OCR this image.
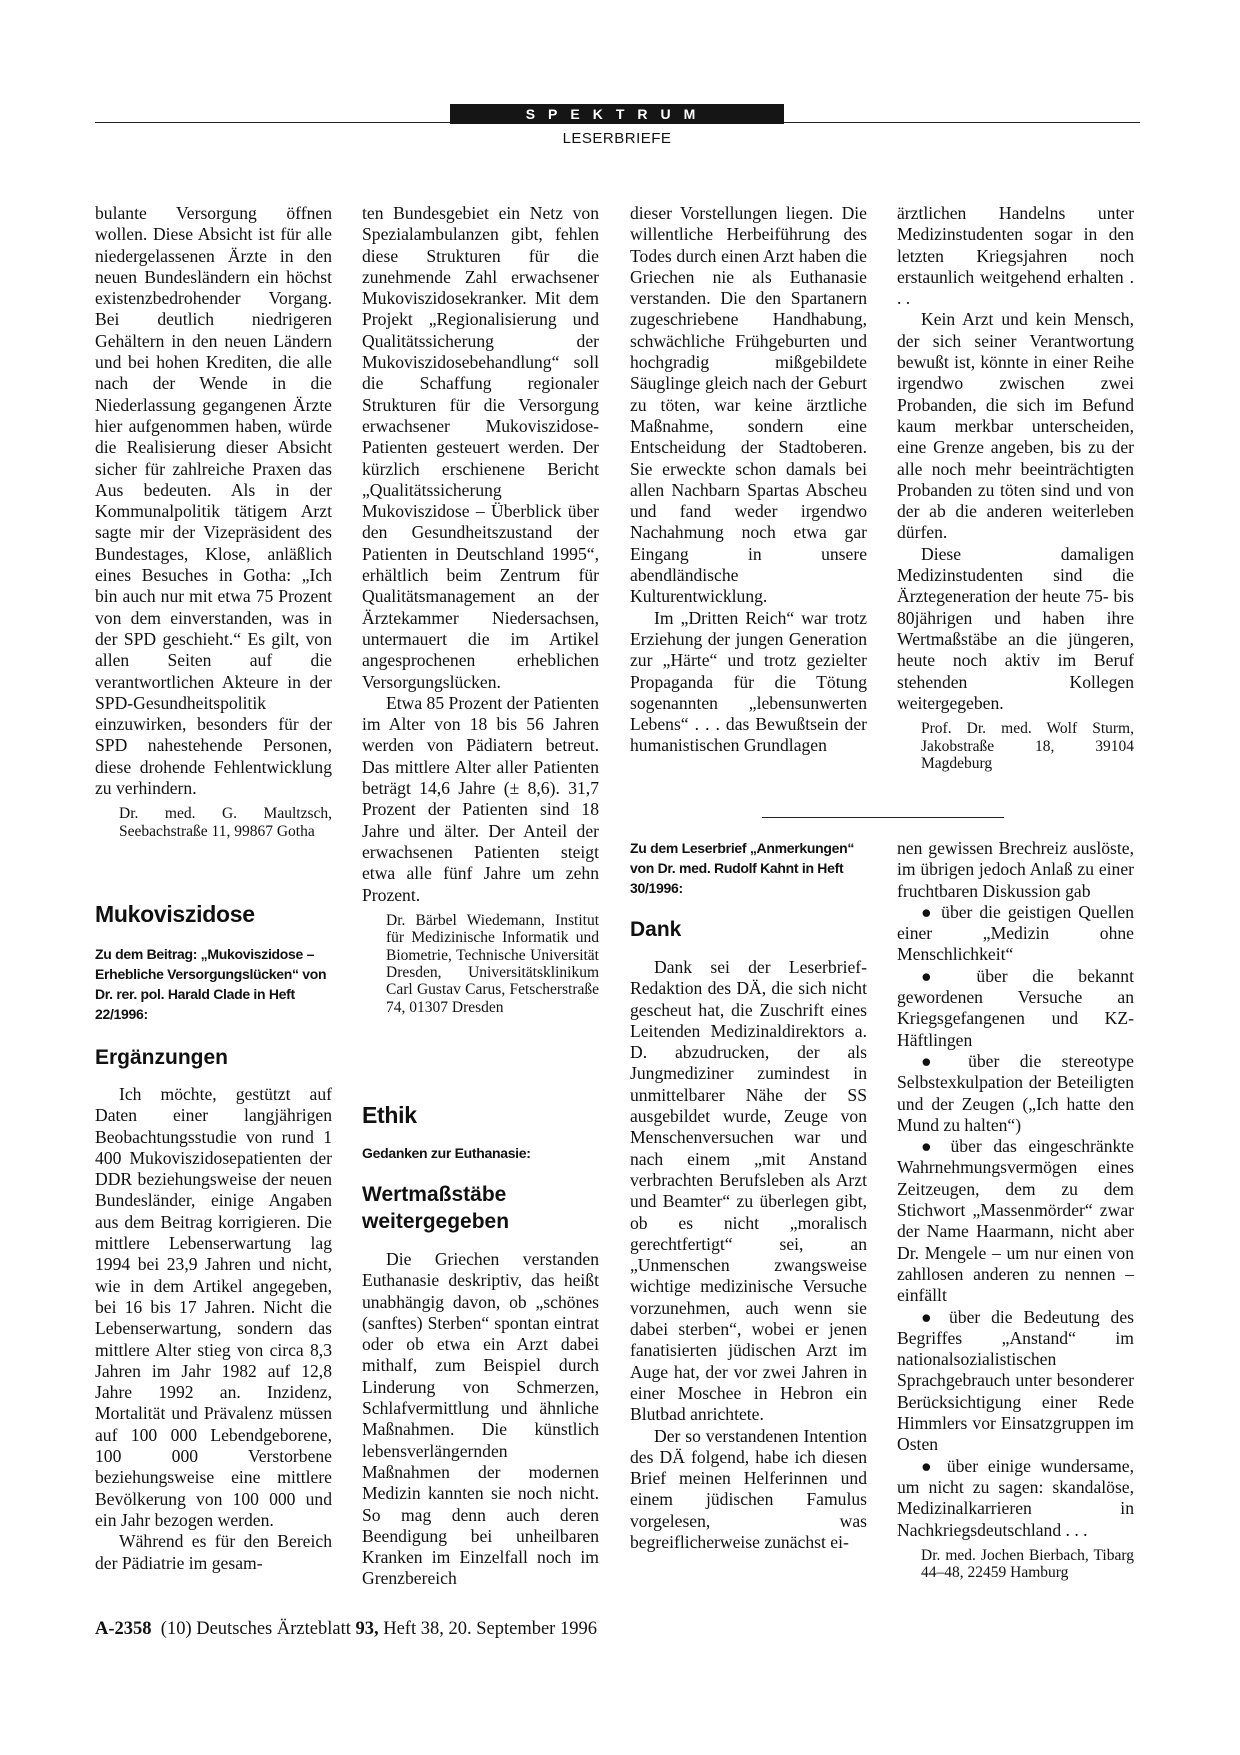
SPEKTRUM
LESERBRIEFE

bulante Versorgung öffnen wollen. Diese Absicht ist für alle niedergelassenen Ärzte in den neuen Bundesländern ein höchst existenzbedrohender Vorgang. Bei deutlich niedrigeren Gehältern in den neuen Ländern und bei hohen Krediten, die alle nach der Wende in die Niederlassung gegangenen Ärzte hier aufgenommen haben, würde die Realisierung dieser Absicht sicher für zahlreiche Praxen das Aus bedeuten. Als in der Kommunalpolitik tätigem Arzt sagte mir der Vizepräsident des Bundestages, Klose, anläßlich eines Besuches in Gotha: „Ich bin auch nur mit etwa 75 Prozent von dem einverstanden, was in der SPD geschieht.“ Es gilt, von allen Seiten auf die verantwortlichen Akteure in der SPD-Gesundheitspolitik einzuwirken, besonders für der SPD nahestehende Personen, diese drohende Fehlentwicklung zu verhindern.

Dr. med. G. Maultzsch, Seebachstraße 11, 99867 Gotha
Mukoviszidose
Zu dem Beitrag: „Mukoviszidose – Erhebliche Versorgungslücken“ von Dr. rer. pol. Harald Clade in Heft 22/1996:
Ergänzungen

Ich möchte, gestützt auf Daten einer langjährigen Beobachtungsstudie von rund 1 400 Mukoviszidosepatienten der DDR beziehungsweise der neuen Bundesländer, einige Angaben aus dem Beitrag korrigieren. Die mittlere Lebenserwartung lag 1994 bei 23,9 Jahren und nicht, wie in dem Artikel angegeben, bei 16 bis 17 Jahren. Nicht die Lebenserwartung, sondern das mittlere Alter stieg von circa 8,3 Jahren im Jahr 1982 auf 12,8 Jahre 1992 an. Inzidenz, Mortalität und Prävalenz müssen auf 100 000 Lebendgeborene, 100 000 Verstorbene beziehungsweise eine mittlere Bevölkerung von 100 000 und ein Jahr bezogen werden.

Während es für den Bereich der Pädiatrie im gesam-

ten Bundesgebiet ein Netz von Spezialambulanzen gibt, fehlen diese Strukturen für die zunehmende Zahl erwachsener Mukoviszidosekranker. Mit dem Projekt „Regionalisierung und Qualitätssicherung der Mukoviszidosebehandlung“ soll die Schaffung regionaler Strukturen für die Versorgung erwachsener Mukoviszidose-Patienten gesteuert werden. Der kürzlich erschienene Bericht „Qualitätssicherung Mukoviszidose – Überblick über den Gesundheitszustand der Patienten in Deutschland 1995“, erhältlich beim Zentrum für Qualitätsmanagement an der Ärztekammer Niedersachsen, untermauert die im Artikel angesprochenen erheblichen Versorgungslücken.

Etwa 85 Prozent der Patienten im Alter von 18 bis 56 Jahren werden von Pädiatern betreut. Das mittlere Alter aller Patienten beträgt 14,6 Jahre (± 8,6). 31,7 Prozent der Patienten sind 18 Jahre und älter. Der Anteil der erwachsenen Patienten steigt etwa alle fünf Jahre um zehn Prozent.

Dr. Bärbel Wiedemann, Institut für Medizinische Informatik und Biometrie, Technische Universität Dresden, Universitätsklinikum Carl Gustav Carus, Fetscherstraße 74, 01307 Dresden
Ethik
Gedanken zur Euthanasie:
Wertmaßstäbe weitergegeben

Die Griechen verstanden Euthanasie deskriptiv, das heißt unabhängig davon, ob „schönes (sanftes) Sterben“ spontan eintrat oder ob etwa ein Arzt dabei mithalf, zum Beispiel durch Linderung von Schmerzen, Schlafvermittlung und ähnliche Maßnahmen. Die künstlich lebensverlängernden Maßnahmen der modernen Medizin kannten sie noch nicht. So mag denn auch deren Beendigung bei unheilbaren Kranken im Einzelfall noch im Grenzbereich

dieser Vorstellungen liegen. Die willentliche Herbeiführung des Todes durch einen Arzt haben die Griechen nie als Euthanasie verstanden. Die den Spartanern zugeschriebene Handhabung, schwächliche Frühgeburten und hochgradig mißgebildete Säuglinge gleich nach der Geburt zu töten, war keine ärztliche Maßnahme, sondern eine Entscheidung der Stadtoberen. Sie erweckte schon damals bei allen Nachbarn Spartas Abscheu und fand weder irgendwo Nachahmung noch etwa gar Eingang in unsere abendländische Kulturentwicklung.

Im „Dritten Reich“ war trotz Erziehung der jungen Generation zur „Härte“ und trotz gezielter Propaganda für die Tötung sogenannten „lebensunwerten Lebens“ . . . das Bewußtsein der humanistischen Grundlagen

Zu dem Leserbrief „Anmerkungen“ von Dr. med. Rudolf Kahnt in Heft 30/1996:
Dank

Dank sei der Leserbrief-Redaktion des DÄ, die sich nicht gescheut hat, die Zuschrift eines Leitenden Medizinaldirektors a. D. abzudrucken, der als Jungmediziner zumindest in unmittelbarer Nähe der SS ausgebildet wurde, Zeuge von Menschenversuchen war und nach einem „mit Anstand verbrachten Berufsleben als Arzt und Beamter“ zu überlegen gibt, ob es nicht „moralisch gerechtfertigt“ sei, an „Unmenschen zwangsweise wichtige medizinische Versuche vorzunehmen, auch wenn sie dabei sterben“, wobei er jenen fanatisierten jüdischen Arzt im Auge hat, der vor zwei Jahren in einer Moschee in Hebron ein Blutbad anrichtete.

Der so verstandenen Intention des DÄ folgend, habe ich diesen Brief meinen Helferinnen und einem jüdischen Famulus vorgelesen, was begreiflicherweise zunächst ei-

ärztlichen Handelns unter Medizinstudenten sogar in den letzten Kriegsjahren noch erstaunlich weitgehend erhalten . . .

Kein Arzt und kein Mensch, der sich seiner Verantwortung bewußt ist, könnte in einer Reihe irgendwo zwischen zwei Probanden, die sich im Befund kaum merkbar unterscheiden, eine Grenze angeben, bis zu der alle noch mehr beeinträchtigten Probanden zu töten sind und von der ab die anderen weiterleben dürfen.

Diese damaligen Medizinstudenten sind die Ärztegeneration der heute 75- bis 80jährigen und haben ihre Wertmaßstäbe an die jüngeren, heute noch aktiv im Beruf stehenden Kollegen weitergegeben.

Prof. Dr. med. Wolf Sturm, Jakobstraße 18, 39104 Magdeburg

nen gewissen Brechreiz auslöste, im übrigen jedoch Anlaß zu einer fruchtbaren Diskussion gab

● über die geistigen Quellen einer „Medizin ohne Menschlichkeit“

● über die bekannt gewordenen Versuche an Kriegsgefangenen und KZ-Häftlingen

● über die stereotype Selbstexkulpation der Beteiligten und der Zeugen („Ich hatte den Mund zu halten“)

● über das eingeschränkte Wahrnehmungsvermögen eines Zeitzeugen, dem zu dem Stichwort „Massenmörder“ zwar der Name Haarmann, nicht aber Dr. Mengele – um nur einen von zahllosen anderen zu nennen – einfällt

● über die Bedeutung des Begriffes „Anstand“ im nationalsozialistischen Sprachgebrauch unter besonderer Berücksichtigung einer Rede Himmlers vor Einsatzgruppen im Osten

● über einige wundersame, um nicht zu sagen: skandalöse, Medizinalkarrieren in Nachkriegsdeutschland . . .

Dr. med. Jochen Bierbach, Tibarg 44–48, 22459 Hamburg
A-2358 (10) Deutsches Ärzteblatt 93, Heft 38, 20. September 1996
